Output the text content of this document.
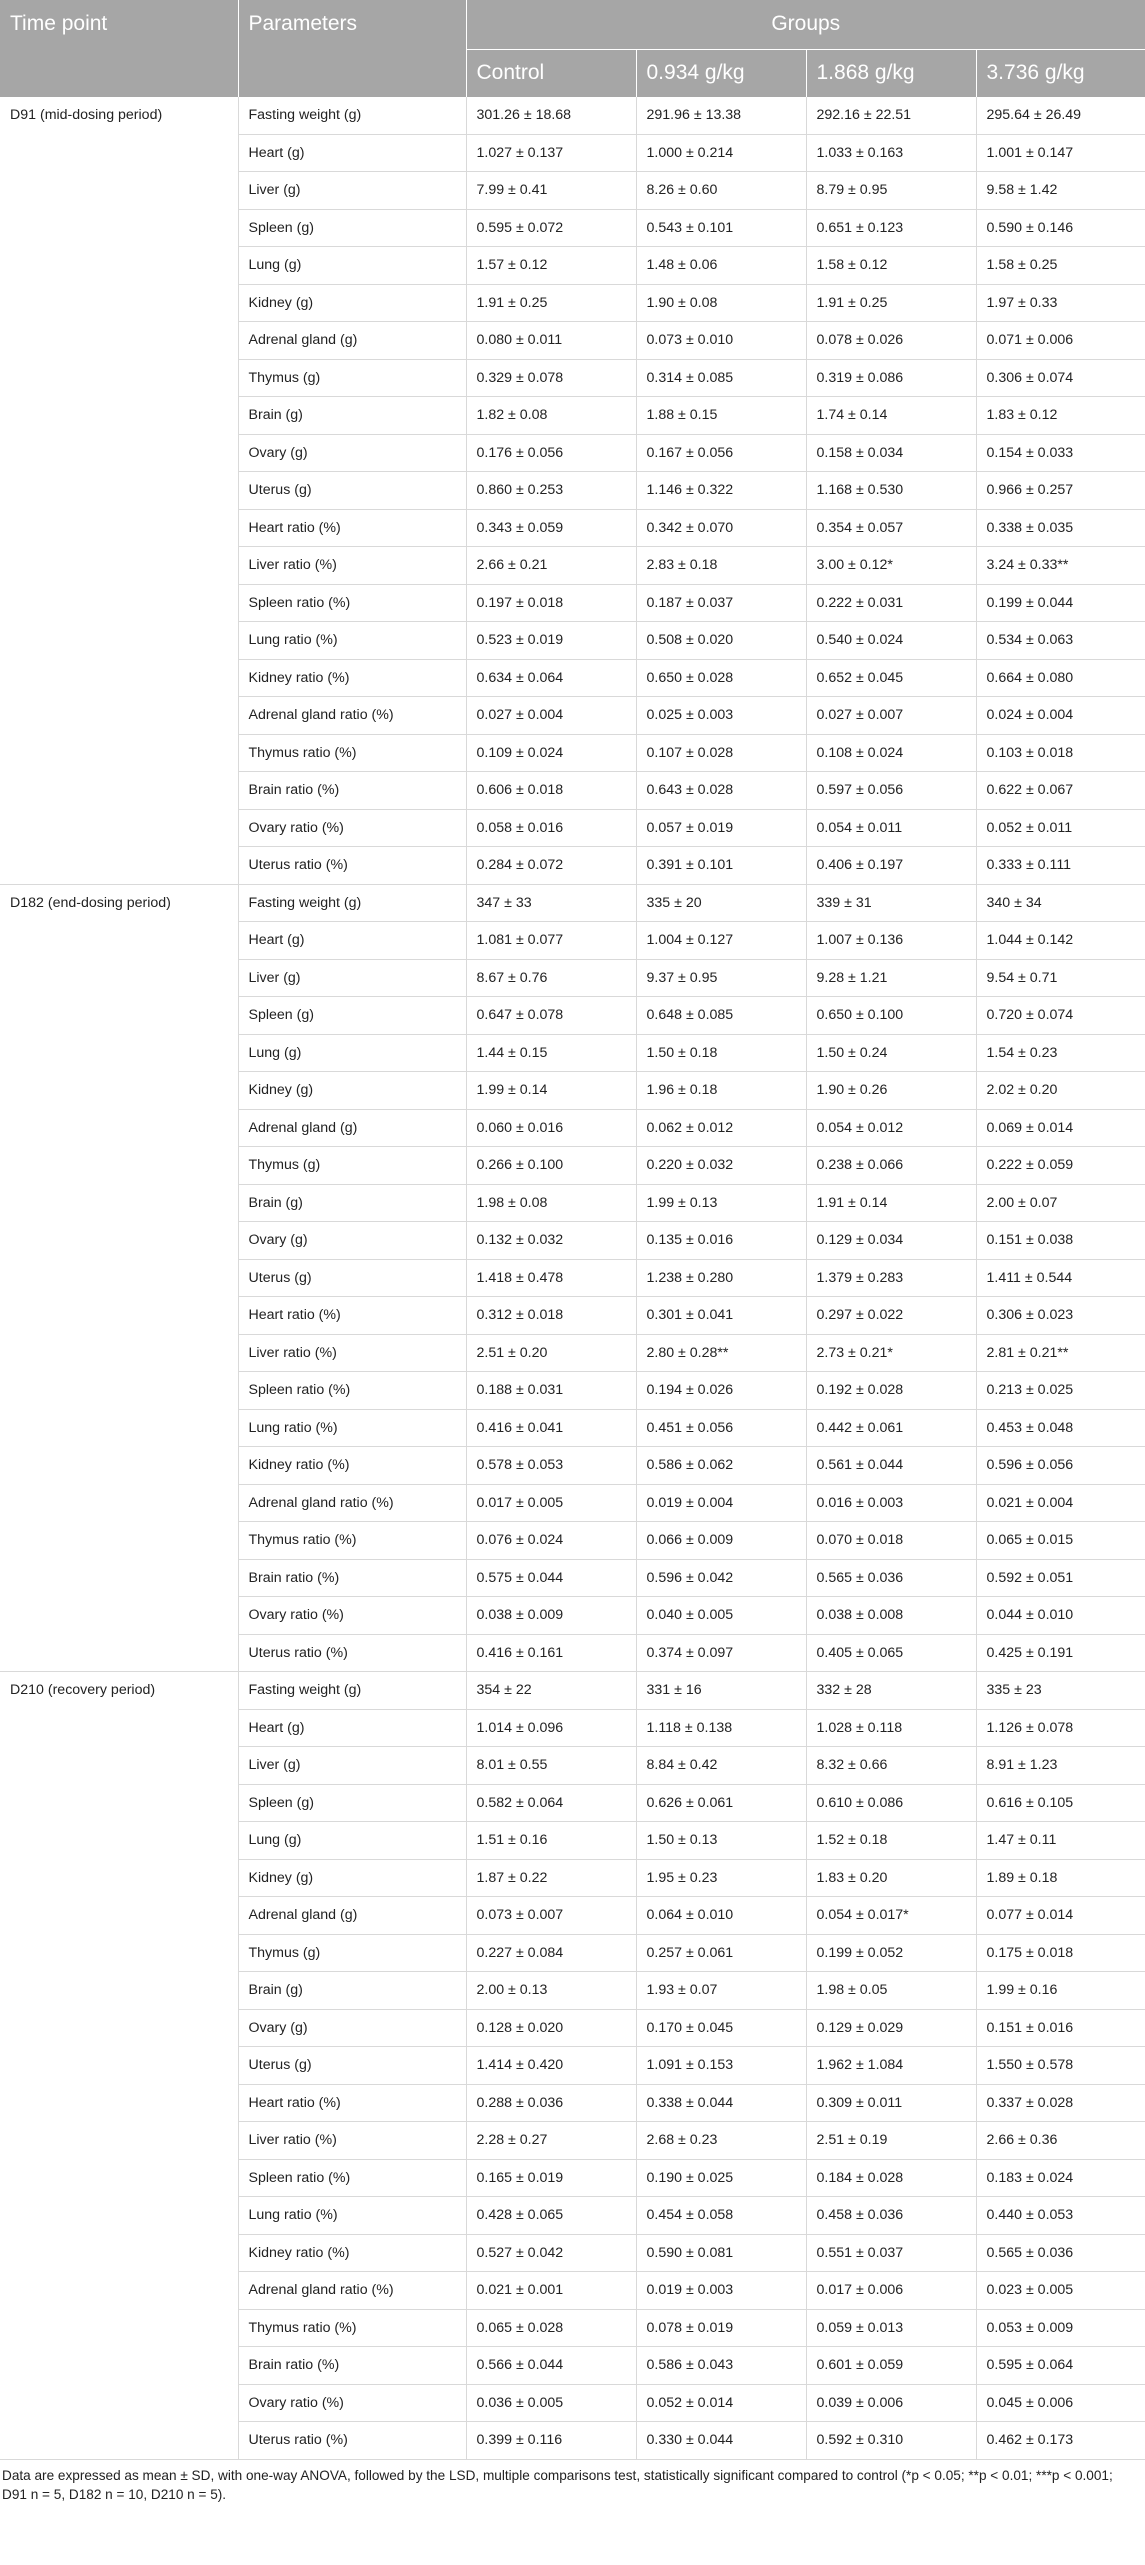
Time point	Parameters	Groups			
		Control	0.934 g/kg	1.868 g/kg	3.736 g/kg
D91 (mid-dosing period)	Fasting weight (g)	301.26 ± 18.68	291.96 ± 13.38	292.16 ± 22.51	295.64 ± 26.49
	Heart (g)	1.027 ± 0.137	1.000 ± 0.214	1.033 ± 0.163	1.001 ± 0.147
	Liver (g)	7.99 ± 0.41	8.26 ± 0.60	8.79 ± 0.95	9.58 ± 1.42
	Spleen (g)	0.595 ± 0.072	0.543 ± 0.101	0.651 ± 0.123	0.590 ± 0.146
	Lung (g)	1.57 ± 0.12	1.48 ± 0.06	1.58 ± 0.12	1.58 ± 0.25
	Kidney (g)	1.91 ± 0.25	1.90 ± 0.08	1.91 ± 0.25	1.97 ± 0.33
	Adrenal gland (g)	0.080 ± 0.011	0.073 ± 0.010	0.078 ± 0.026	0.071 ± 0.006
	Thymus (g)	0.329 ± 0.078	0.314 ± 0.085	0.319 ± 0.086	0.306 ± 0.074
	Brain (g)	1.82 ± 0.08	1.88 ± 0.15	1.74 ± 0.14	1.83 ± 0.12
	Ovary (g)	0.176 ± 0.056	0.167 ± 0.056	0.158 ± 0.034	0.154 ± 0.033
	Uterus (g)	0.860 ± 0.253	1.146 ± 0.322	1.168 ± 0.530	0.966 ± 0.257
	Heart ratio (%)	0.343 ± 0.059	0.342 ± 0.070	0.354 ± 0.057	0.338 ± 0.035
	Liver ratio (%)	2.66 ± 0.21	2.83 ± 0.18	3.00 ± 0.12*	3.24 ± 0.33**
	Spleen ratio (%)	0.197 ± 0.018	0.187 ± 0.037	0.222 ± 0.031	0.199 ± 0.044
	Lung ratio (%)	0.523 ± 0.019	0.508 ± 0.020	0.540 ± 0.024	0.534 ± 0.063
	Kidney ratio (%)	0.634 ± 0.064	0.650 ± 0.028	0.652 ± 0.045	0.664 ± 0.080
	Adrenal gland ratio (%)	0.027 ± 0.004	0.025 ± 0.003	0.027 ± 0.007	0.024 ± 0.004
	Thymus ratio (%)	0.109 ± 0.024	0.107 ± 0.028	0.108 ± 0.024	0.103 ± 0.018
	Brain ratio (%)	0.606 ± 0.018	0.643 ± 0.028	0.597 ± 0.056	0.622 ± 0.067
	Ovary ratio (%)	0.058 ± 0.016	0.057 ± 0.019	0.054 ± 0.011	0.052 ± 0.011
	Uterus ratio (%)	0.284 ± 0.072	0.391 ± 0.101	0.406 ± 0.197	0.333 ± 0.111
D182 (end-dosing period)	Fasting weight (g)	347 ± 33	335 ± 20	339 ± 31	340 ± 34
	Heart (g)	1.081 ± 0.077	1.004 ± 0.127	1.007 ± 0.136	1.044 ± 0.142
	Liver (g)	8.67 ± 0.76	9.37 ± 0.95	9.28 ± 1.21	9.54 ± 0.71
	Spleen (g)	0.647 ± 0.078	0.648 ± 0.085	0.650 ± 0.100	0.720 ± 0.074
	Lung (g)	1.44 ± 0.15	1.50 ± 0.18	1.50 ± 0.24	1.54 ± 0.23
	Kidney (g)	1.99 ± 0.14	1.96 ± 0.18	1.90 ± 0.26	2.02 ± 0.20
	Adrenal gland (g)	0.060 ± 0.016	0.062 ± 0.012	0.054 ± 0.012	0.069 ± 0.014
	Thymus (g)	0.266 ± 0.100	0.220 ± 0.032	0.238 ± 0.066	0.222 ± 0.059
	Brain (g)	1.98 ± 0.08	1.99 ± 0.13	1.91 ± 0.14	2.00 ± 0.07
	Ovary (g)	0.132 ± 0.032	0.135 ± 0.016	0.129 ± 0.034	0.151 ± 0.038
	Uterus (g)	1.418 ± 0.478	1.238 ± 0.280	1.379 ± 0.283	1.411 ± 0.544
	Heart ratio (%)	0.312 ± 0.018	0.301 ± 0.041	0.297 ± 0.022	0.306 ± 0.023
	Liver ratio (%)	2.51 ± 0.20	2.80 ± 0.28**	2.73 ± 0.21*	2.81 ± 0.21**
	Spleen ratio (%)	0.188 ± 0.031	0.194 ± 0.026	0.192 ± 0.028	0.213 ± 0.025
	Lung ratio (%)	0.416 ± 0.041	0.451 ± 0.056	0.442 ± 0.061	0.453 ± 0.048
	Kidney ratio (%)	0.578 ± 0.053	0.586 ± 0.062	0.561 ± 0.044	0.596 ± 0.056
	Adrenal gland ratio (%)	0.017 ± 0.005	0.019 ± 0.004	0.016 ± 0.003	0.021 ± 0.004
	Thymus ratio (%)	0.076 ± 0.024	0.066 ± 0.009	0.070 ± 0.018	0.065 ± 0.015
	Brain ratio (%)	0.575 ± 0.044	0.596 ± 0.042	0.565 ± 0.036	0.592 ± 0.051
	Ovary ratio (%)	0.038 ± 0.009	0.040 ± 0.005	0.038 ± 0.008	0.044 ± 0.010
	Uterus ratio (%)	0.416 ± 0.161	0.374 ± 0.097	0.405 ± 0.065	0.425 ± 0.191
D210 (recovery period)	Fasting weight (g)	354 ± 22	331 ± 16	332 ± 28	335 ± 23
	Heart (g)	1.014 ± 0.096	1.118 ± 0.138	1.028 ± 0.118	1.126 ± 0.078
	Liver (g)	8.01 ± 0.55	8.84 ± 0.42	8.32 ± 0.66	8.91 ± 1.23
	Spleen (g)	0.582 ± 0.064	0.626 ± 0.061	0.610 ± 0.086	0.616 ± 0.105
	Lung (g)	1.51 ± 0.16	1.50 ± 0.13	1.52 ± 0.18	1.47 ± 0.11
	Kidney (g)	1.87 ± 0.22	1.95 ± 0.23	1.83 ± 0.20	1.89 ± 0.18
	Adrenal gland (g)	0.073 ± 0.007	0.064 ± 0.010	0.054 ± 0.017*	0.077 ± 0.014
	Thymus (g)	0.227 ± 0.084	0.257 ± 0.061	0.199 ± 0.052	0.175 ± 0.018
	Brain (g)	2.00 ± 0.13	1.93 ± 0.07	1.98 ± 0.05	1.99 ± 0.16
	Ovary (g)	0.128 ± 0.020	0.170 ± 0.045	0.129 ± 0.029	0.151 ± 0.016
	Uterus (g)	1.414 ± 0.420	1.091 ± 0.153	1.962 ± 1.084	1.550 ± 0.578
	Heart ratio (%)	0.288 ± 0.036	0.338 ± 0.044	0.309 ± 0.011	0.337 ± 0.028
	Liver ratio (%)	2.28 ± 0.27	2.68 ± 0.23	2.51 ± 0.19	2.66 ± 0.36
	Spleen ratio (%)	0.165 ± 0.019	0.190 ± 0.025	0.184 ± 0.028	0.183 ± 0.024
	Lung ratio (%)	0.428 ± 0.065	0.454 ± 0.058	0.458 ± 0.036	0.440 ± 0.053
	Kidney ratio (%)	0.527 ± 0.042	0.590 ± 0.081	0.551 ± 0.037	0.565 ± 0.036
	Adrenal gland ratio (%)	0.021 ± 0.001	0.019 ± 0.003	0.017 ± 0.006	0.023 ± 0.005
	Thymus ratio (%)	0.065 ± 0.028	0.078 ± 0.019	0.059 ± 0.013	0.053 ± 0.009
	Brain ratio (%)	0.566 ± 0.044	0.586 ± 0.043	0.601 ± 0.059	0.595 ± 0.064
	Ovary ratio (%)	0.036 ± 0.005	0.052 ± 0.014	0.039 ± 0.006	0.045 ± 0.006
	Uterus ratio (%)	0.399 ± 0.116	0.330 ± 0.044	0.592 ± 0.310	0.462 ± 0.173
Data are expressed as mean ± SD, with one-way ANOVA, followed by the LSD, multiple comparisons test, statistically significant compared to control (*p < 0.05; **p < 0.01; ***p < 0.001;
D91 n = 5, D182 n = 10, D210 n = 5).
